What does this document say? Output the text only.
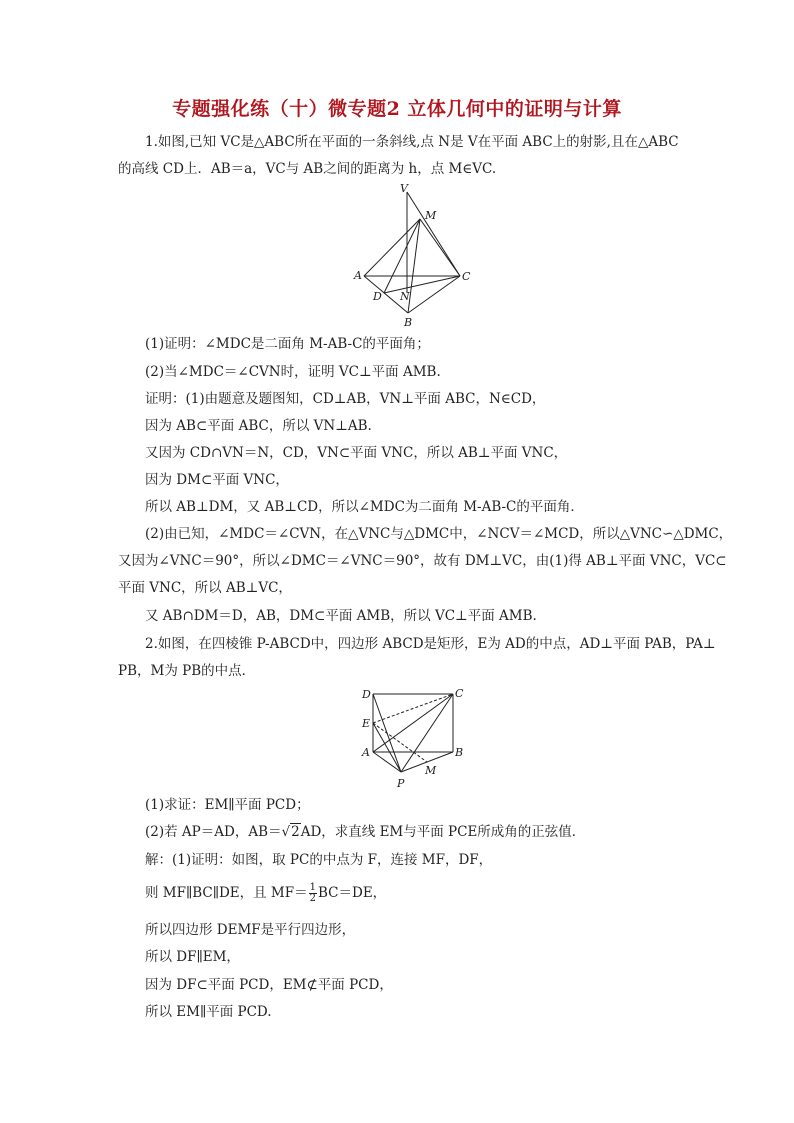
专题强化练（十）微专题2 立体几何中的证明与计算
1.如图,已知 VC是△ABC所在平面的一条斜线,点 N是 V在平面 ABC上的射影,且在△ABC
的高线 CD上．AB＝a，VC与 AB之间的距离为 h，点 M∈VC.
V
M
A	C
D N
B
(1)证明：∠MDC是二面角 M-AB-C的平面角；
(2)当∠MDC＝∠CVN时，证明 VC⊥平面 AMB.
证明：(1)由题意及题图知，CD⊥AB，VN⊥平面 ABC，N∈CD，
因为 AB⊂平面 ABC，所以 VN⊥AB.
又因为 CD∩VN＝N，CD，VN⊂平面 VNC，所以 AB⊥平面 VNC，
因为 DM⊂平面 VNC，
所以 AB⊥DM，又 AB⊥CD，所以∠MDC为二面角 M-AB-C的平面角．
(2)由已知，∠MDC＝∠CVN，在△VNC与△DMC中，∠NCV＝∠MCD，所以△VNC∽△DMC，
又因为∠VNC＝90°，所以∠DMC＝∠VNC＝90°，故有 DM⊥VC，由(1)得 AB⊥平面 VNC，VC⊂
平面 VNC，所以 AB⊥VC，
又 AB∩DM＝D，AB，DM⊂平面 AMB，所以 VC⊥平面 AMB.
2.如图，在四棱锥 P-ABCD中，四边形 ABCD是矩形，E为 AD的中点，AD⊥平面 PAB，PA⊥
PB，M为 PB的中点．
D	C
E
A	B
M
P
(1)求证：EM∥平面 PCD；
(2)若 AP＝AD，AB＝√2AD，求直线 EM与平面 PCE所成角的正弦值．
解：(1)证明：如图，取 PC的中点为 F，连接 MF，DF，
则 MF∥BC∥DE，且 $MF= \frac{1}{2} BC=DE$，
所以四边形 DEMF是平行四边形，
所以 DF∥EM，
因为 DF⊂平面 PCD，EM⊄平面 PCD，
所以 EM∥平面 PCD.
